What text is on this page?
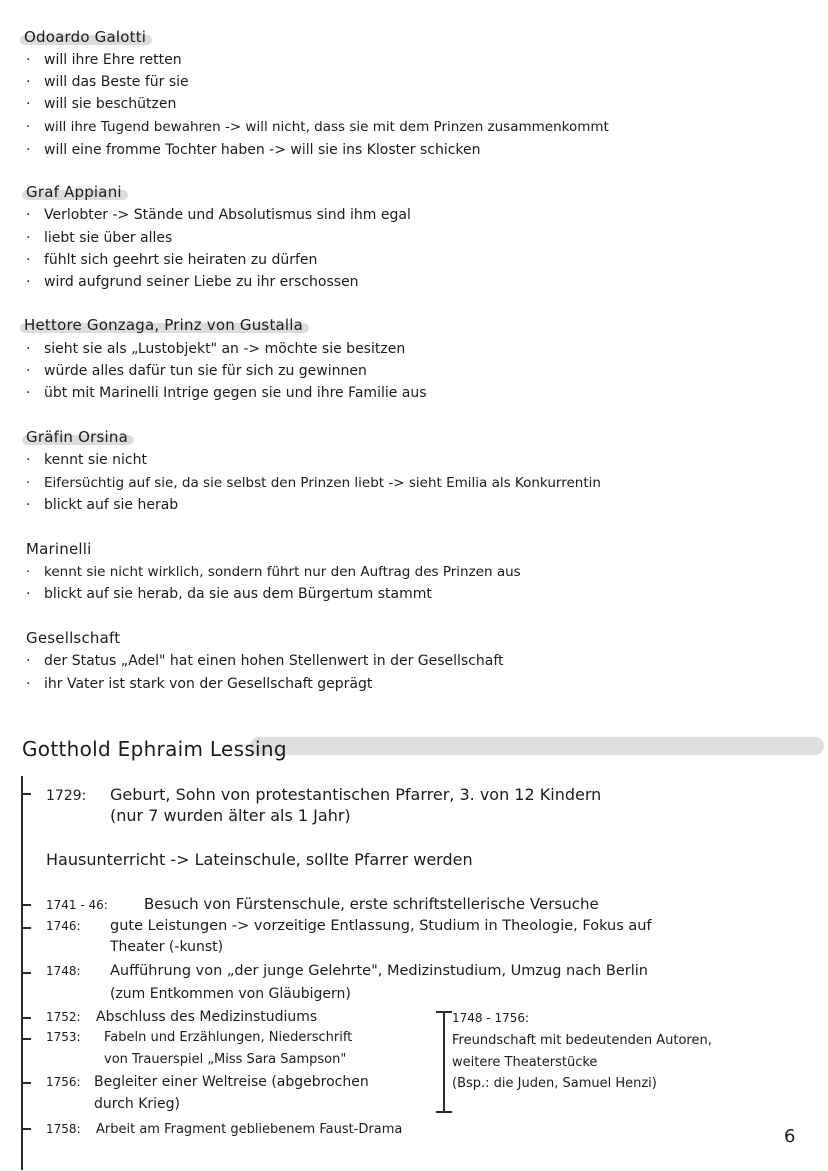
Odoardo Galotti
· will ihre Ehre retten
· will das Beste für sie
· will sie beschützen
· will ihre Tugend bewahren -> will nicht, dass sie mit dem Prinzen zusammenkommt
· will eine fromme Tochter haben -> will sie ins Kloster schicken
Graf Appiani
· Verlobter -> Stände und Absolutismus sind ihm egal
· liebt sie über alles
· fühlt sich geehrt sie heiraten zu dürfen
· wird aufgrund seiner Liebe zu ihr erschossen
Hettore Gonzaga, Prinz von Gustalla
· sieht sie als „Lustobjekt" an -> möchte sie besitzen
· würde alles dafür tun sie für sich zu gewinnen
· übt mit Marinelli Intrige gegen sie und ihre Familie aus
Gräfin Orsina
· kennt sie nicht
· Eifersüchtig auf sie, da sie selbst den Prinzen liebt -> sieht Emilia als Konkurrentin
· blickt auf sie herab
Marinelli
· kennt sie nicht wirklich, sondern führt nur den Auftrag des Prinzen aus
· blickt auf sie herab, da sie aus dem Bürgertum stammt
Gesellschaft
· der Status „Adel" hat einen hohen Stellenwert in der Gesellschaft
· ihr Vater ist stark von der Gesellschaft geprägt
Gotthold Ephraim Lessing
1729: Geburt, Sohn von protestantischen Pfarrer, 3. von 12 Kindern
(nur 7 wurden älter als 1 Jahr)
Hausunterricht -> Lateinschule, sollte Pfarrer werden
1741 - 46: Besuch von Fürstenschule, erste schriftstellerische Versuche
1746: gute Leistungen -> vorzeitige Entlassung, Studium in Theologie, Fokus auf
Theater (-kunst)
1748: Aufführung von „der junge Gelehrte", Medizinstudium, Umzug nach Berlin
(zum Entkommen von Gläubigern)
1752: Abschluss des Medizinstudiums
1753: Fabeln und Erzählungen, Niederschrift
von Trauerspiel „Miss Sara Sampson"
1756: Begleiter einer Weltreise (abgebrochen
durch Krieg)
1758: Arbeit am Fragment gebliebenem Faust-Drama
1748 - 1756:
Freundschaft mit bedeutenden Autoren,
weitere Theaterstücke
(Bsp.: die Juden, Samuel Henzi)
6
